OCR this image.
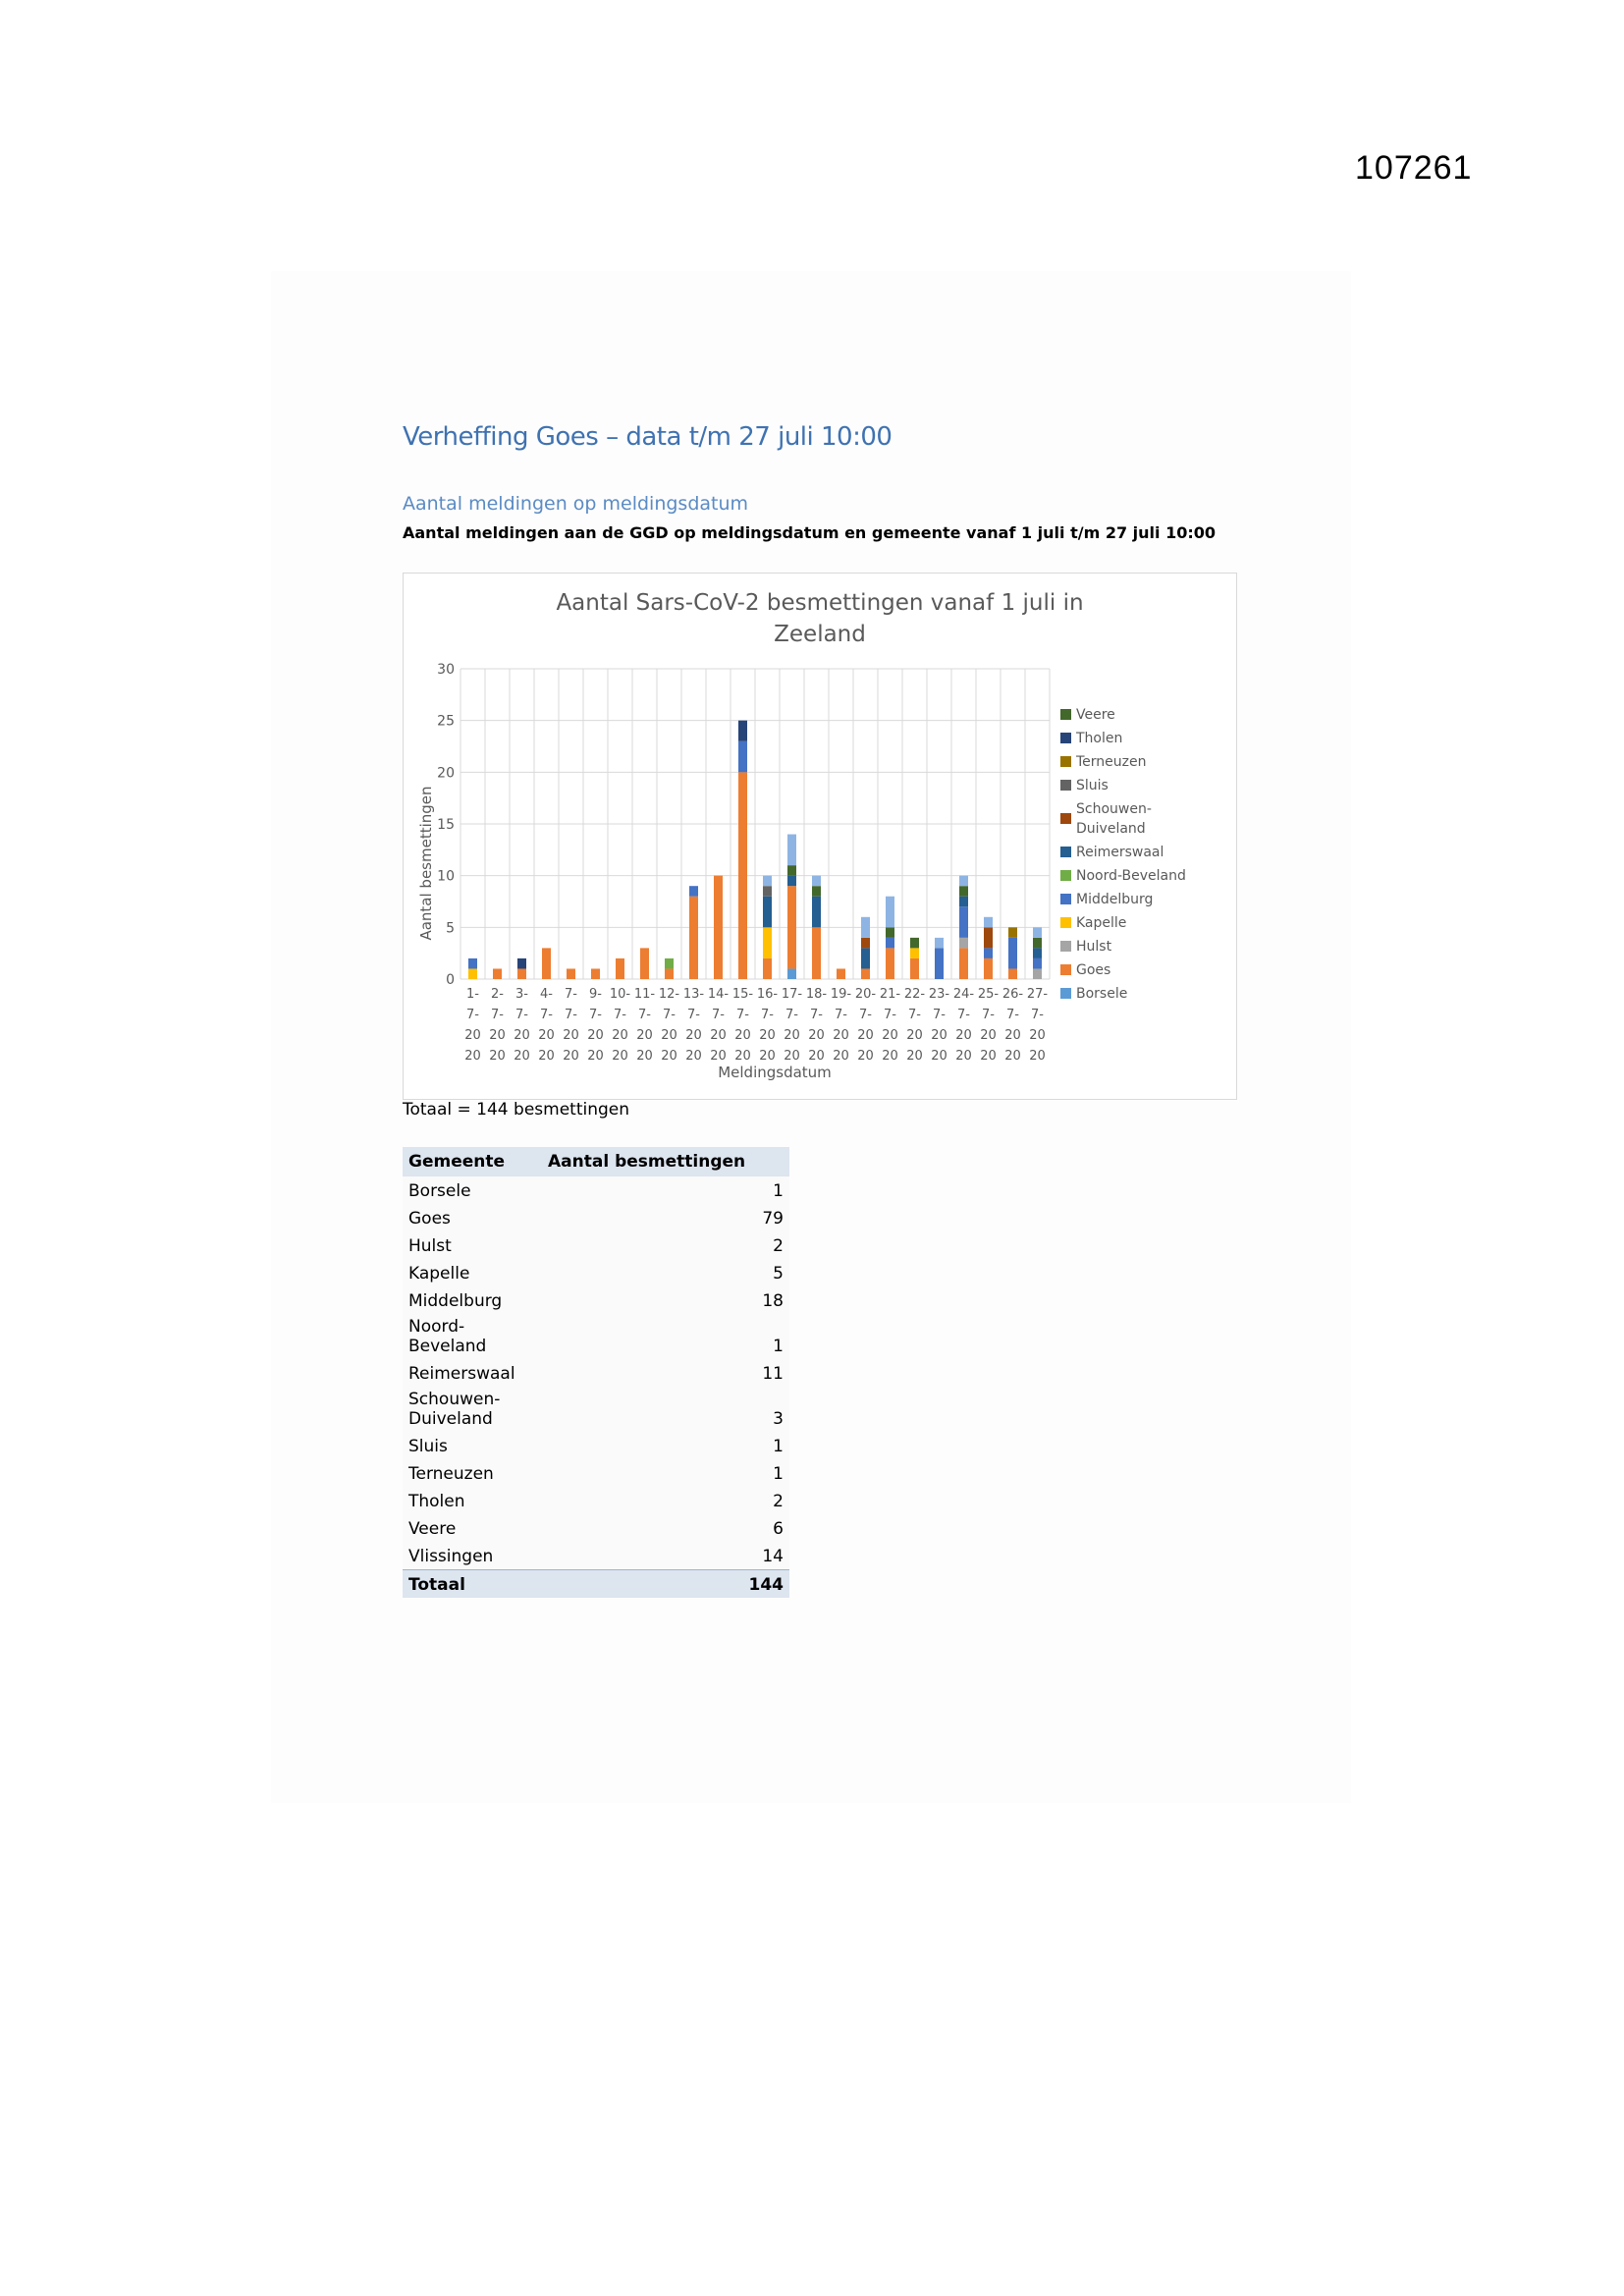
107261
Verheffing Goes – data t/m 27 juli 10:00
Aantal meldingen op meldingsdatum
Aantal meldingen aan de GGD op meldingsdatum en gemeente vanaf 1 juli t/m 27 juli 10:00
Aantal Sars-CoV-2 besmettingen vanaf 1 juli in
Zeeland
0
5
10
15
20
25
30
1-
7-
20
20
2-
7-
20
20
3-
7-
20
20
4-
7-
20
20
7-
7-
20
20
9-
7-
20
20
10-
7-
20
20
11-
7-
20
20
12-
7-
20
20
13-
7-
20
20
14-
7-
20
20
15-
7-
20
20
16-
7-
20
20
17-
7-
20
20
18-
7-
20
20
19-
7-
20
20
20-
7-
20
20
21-
7-
20
20
22-
7-
20
20
23-
7-
20
20
24-
7-
20
20
25-
7-
20
20
26-
7-
20
20
27-
7-
20
20
Meldingsdatum
Aantal besmettingen
Veere
Tholen
Terneuzen
Sluis
Schouwen-
Duiveland
Reimerswaal
Noord-Beveland
Middelburg
Kapelle
Hulst
Goes
Borsele
Totaal = 144 besmettingen
Gemeente	Aantal besmettingen
Borsele	1
Goes	79
Hulst	2
Kapelle	5
Middelburg	18
Noord-Beveland	1
Reimerswaal	11
Schouwen-Duiveland	3
Sluis	1
Terneuzen	1
Tholen	2
Veere	6
Vlissingen	14
Totaal	144
